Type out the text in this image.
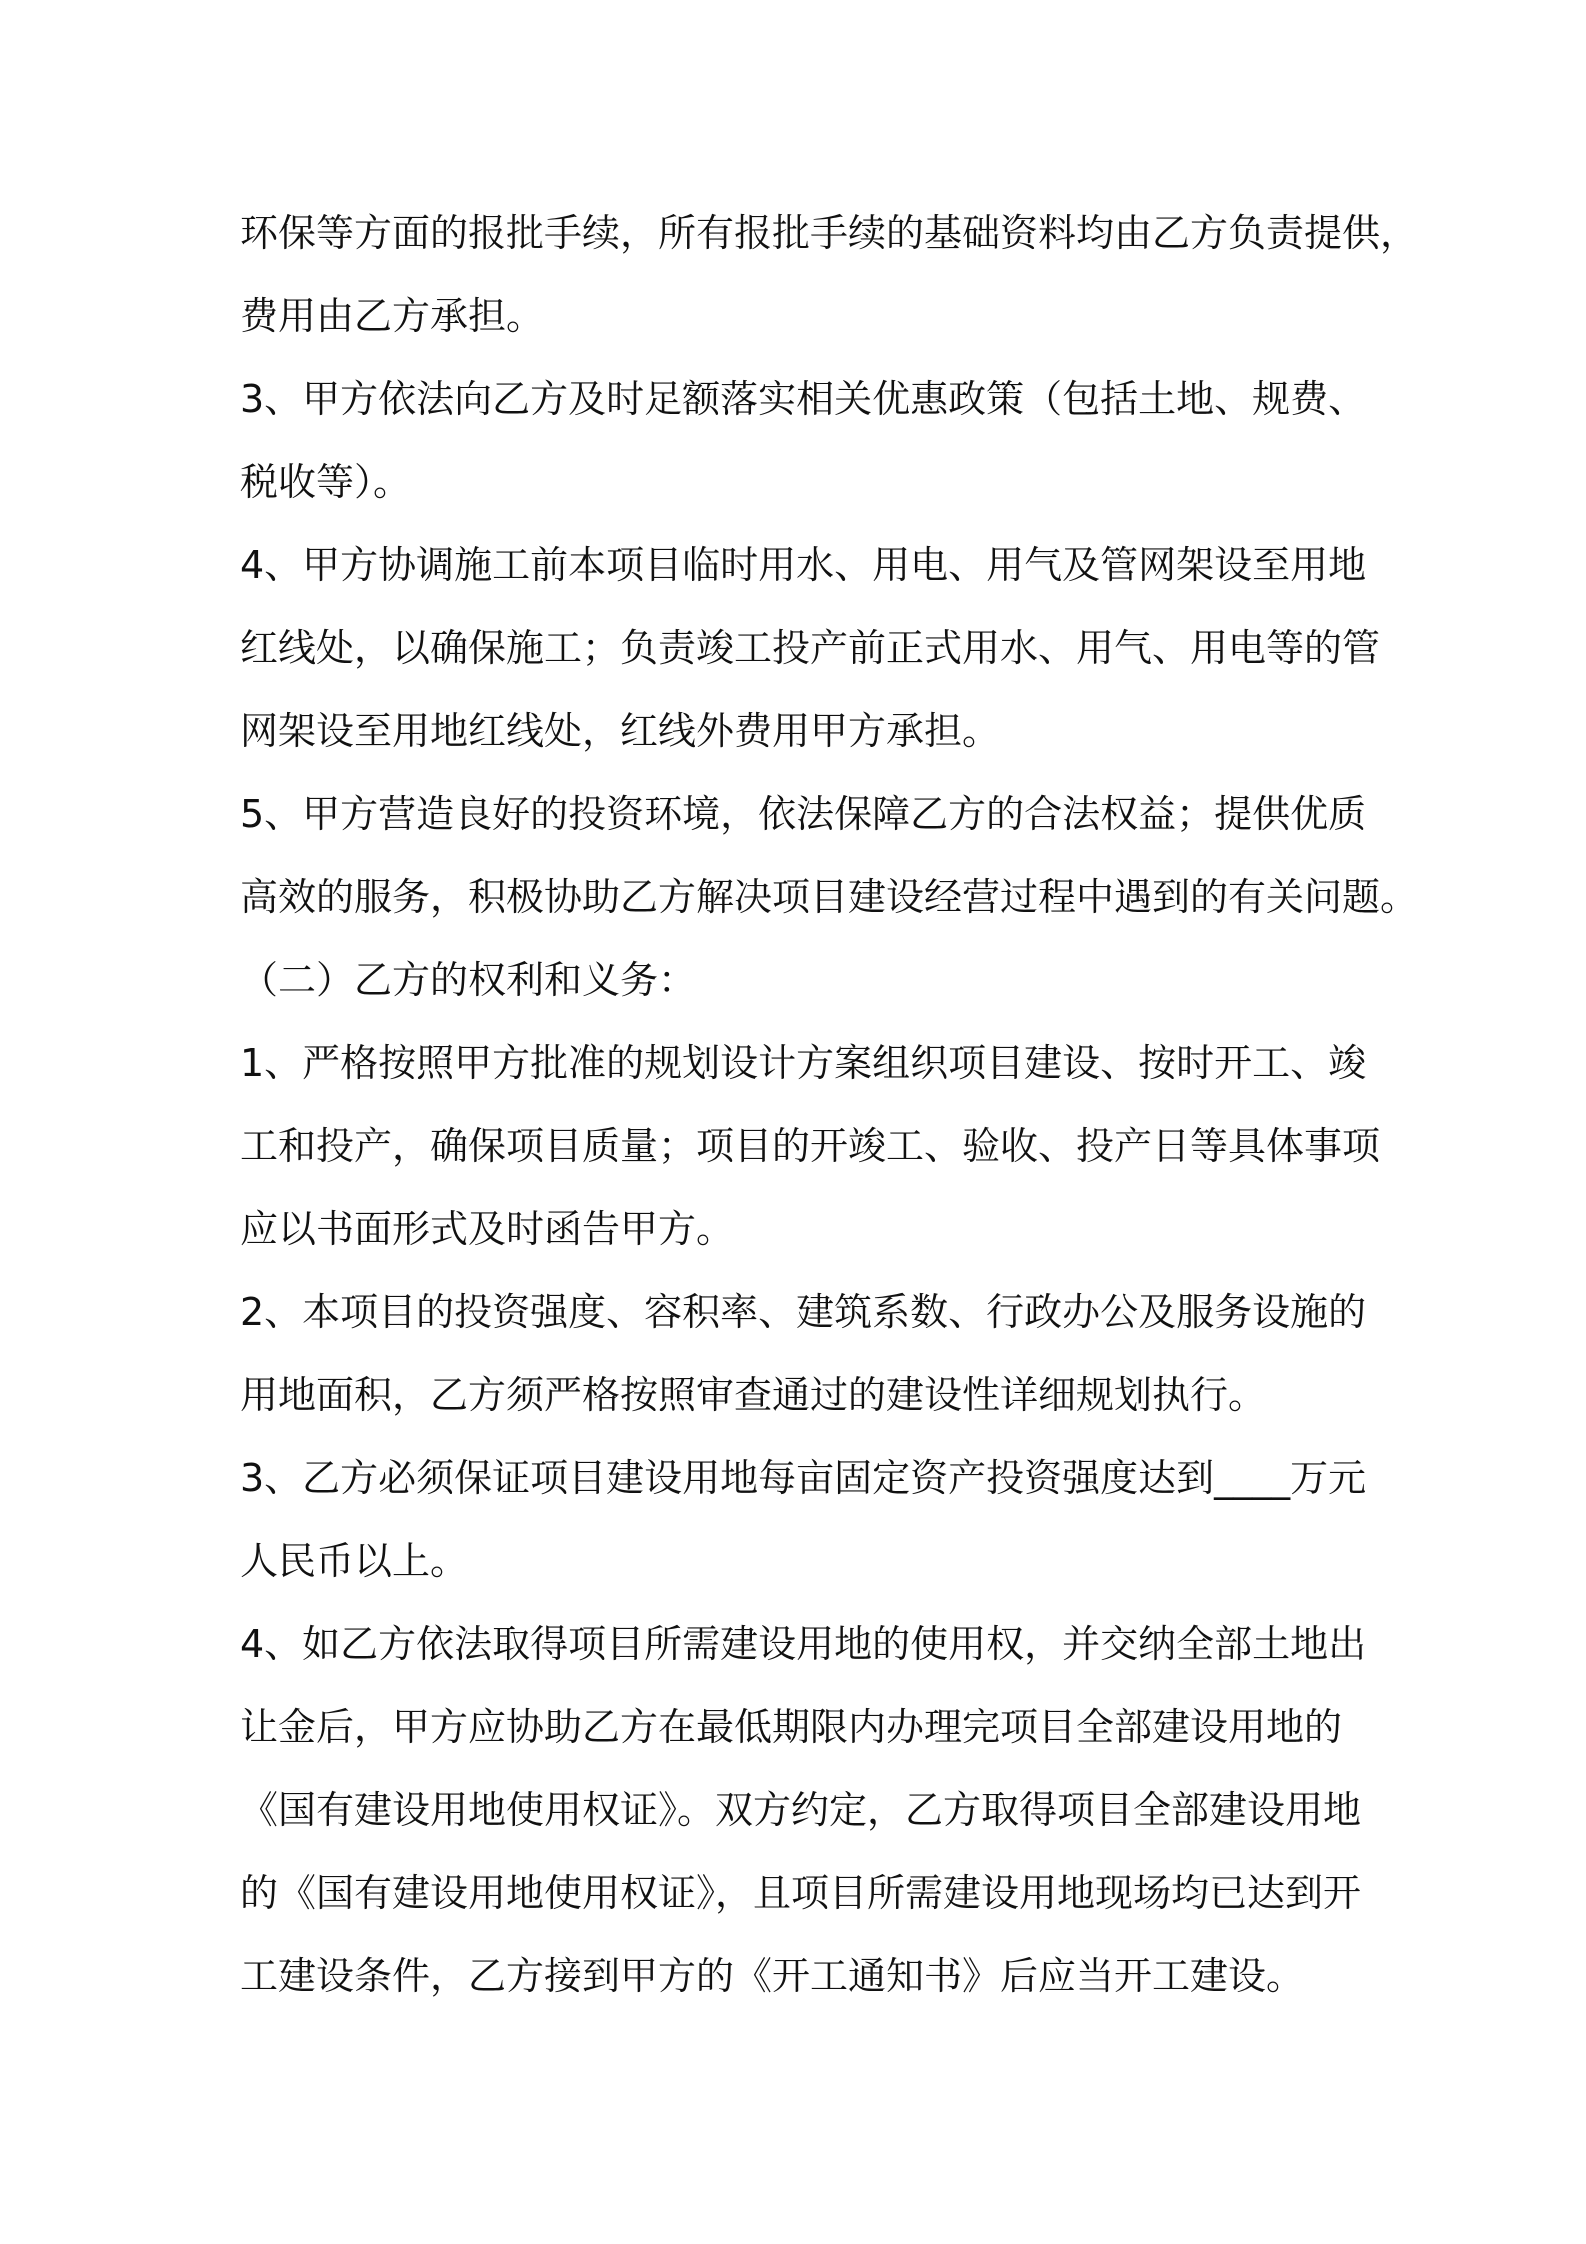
环保等方面的报批手续，所有报批手续的基础资料均由乙方负责提供，

费用由乙方承担。

3、甲方依法向乙方及时足额落实相关优惠政策（包括土地、规费、

税收等）。

4、甲方协调施工前本项目临时用水、用电、用气及管网架设至用地

红线处，以确保施工；负责竣工投产前正式用水、用气、用电等的管

网架设至用地红线处，红线外费用甲方承担。

5、甲方营造良好的投资环境，依法保障乙方的合法权益；提供优质

高效的服务，积极协助乙方解决项目建设经营过程中遇到的有关问题。

（二）乙方的权利和义务：

1、严格按照甲方批准的规划设计方案组织项目建设、按时开工、竣

工和投产，确保项目质量；项目的开竣工、验收、投产日等具体事项

应以书面形式及时函告甲方。

2、本项目的投资强度、容积率、建筑系数、行政办公及服务设施的

用地面积，乙方须严格按照审查通过的建设性详细规划执行。

3、乙方必须保证项目建设用地每亩固定资产投资强度达到____万元

人民币以上。

4、如乙方依法取得项目所需建设用地的使用权，并交纳全部土地出

让金后，甲方应协助乙方在最低期限内办理完项目全部建设用地的

《国有建设用地使用权证》。双方约定，乙方取得项目全部建设用地

的《国有建设用地使用权证》，且项目所需建设用地现场均已达到开

工建设条件，乙方接到甲方的《开工通知书》后应当开工建设。
